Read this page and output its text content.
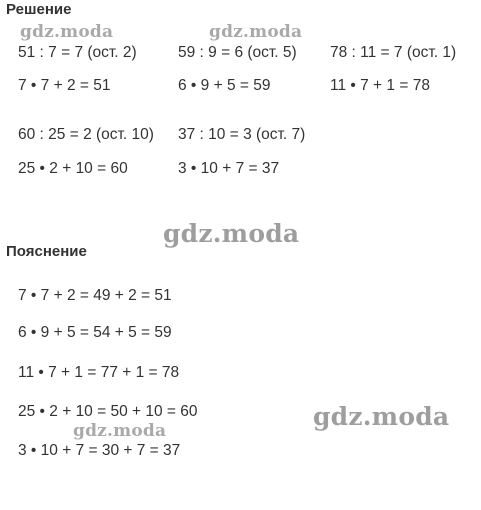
Решение
gdz.moda	gdz.moda
51 : 7 = 7 (ост. 2)
7 • 7 + 2 = 51
59 : 9 = 6 (ост. 5)
6 • 9 + 5 = 59
78 : 11 = 7 (ост. 1)
11 • 7 + 1 = 78
60 : 25 = 2 (ост. 10)
25 • 2 + 10 = 60
37 : 10 = 3 (ост. 7)
3 • 10 + 7 = 37
gdz.moda
Пояснение
7 • 7 + 2 = 49 + 2 = 51
6 • 9 + 5 = 54 + 5 = 59
11 • 7 + 1 = 77 + 1 = 78
gdz.moda
25 • 2 + 10 = 50 + 10 = 60
gdz.moda
3 • 10 + 7 = 30 + 7 = 37
